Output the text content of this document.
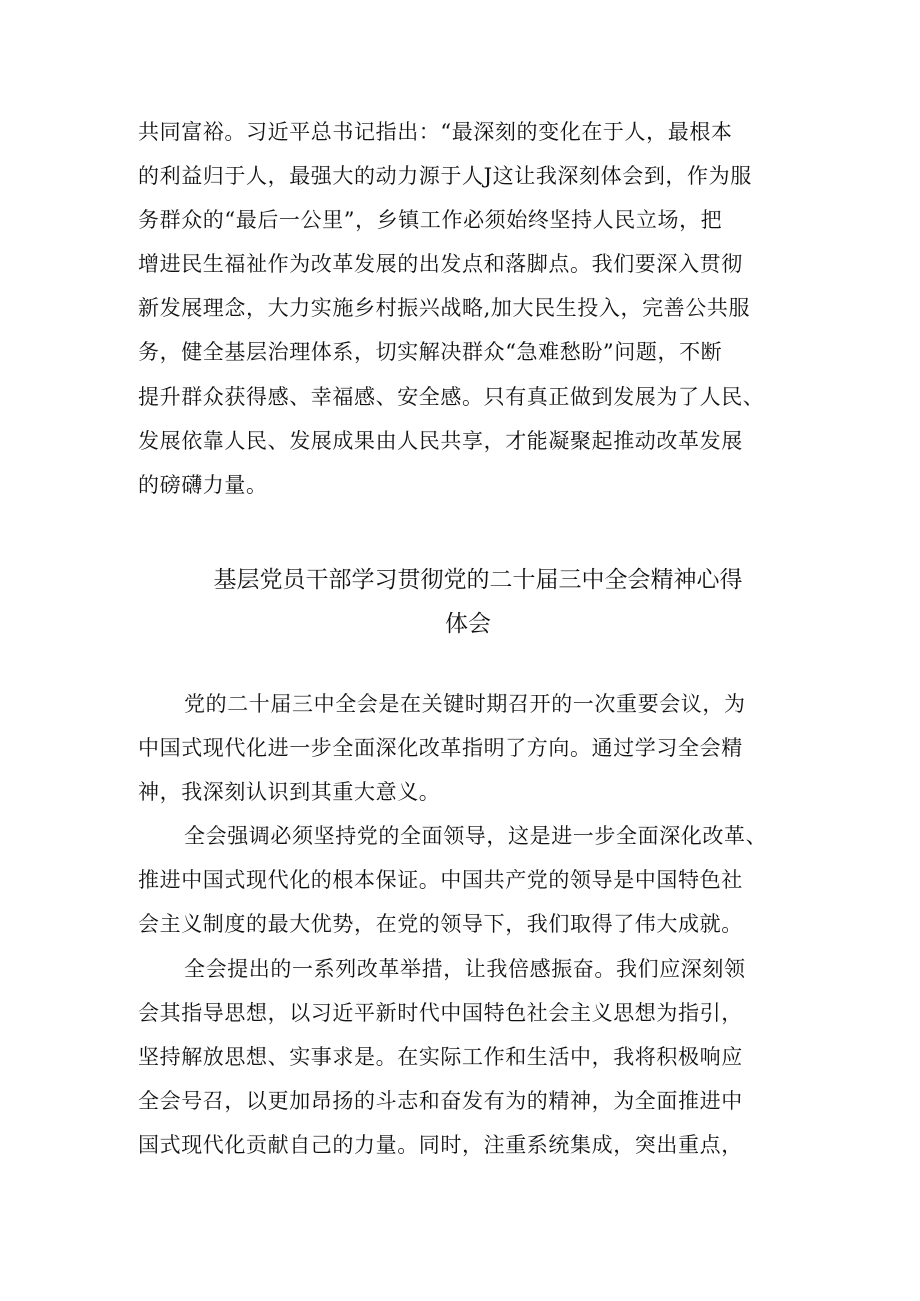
共同富裕。习近平总书记指出：“最深刻的变化在于人，最根本
的利益归于人，最强大的动力源于人J这让我深刻体会到，作为服
务群众的“最后一公里”，乡镇工作必须始终坚持人民立场，把
增进民生福祉作为改革发展的出发点和落脚点。我们要深入贯彻
新发展理念，大力实施乡村振兴战略,加大民生投入，完善公共服
务，健全基层治理体系，切实解决群众“急难愁盼”问题，不断
提升群众获得感、幸福感、安全感。只有真正做到发展为了人民、
发展依靠人民、发展成果由人民共享，才能凝聚起推动改革发展
的磅礴力量。
基层党员干部学习贯彻党的二十届三中全会精神心得
体会
党的二十届三中全会是在关键时期召开的一次重要会议，为
中国式现代化进一步全面深化改革指明了方向。通过学习全会精
神，我深刻认识到其重大意义。
全会强调必须坚持党的全面领导，这是进一步全面深化改革、
推进中国式现代化的根本保证。中国共产党的领导是中国特色社
会主义制度的最大优势，在党的领导下，我们取得了伟大成就。
全会提出的一系列改革举措，让我倍感振奋。我们应深刻领
会其指导思想，以习近平新时代中国特色社会主义思想为指引，
坚持解放思想、实事求是。在实际工作和生活中，我将积极响应
全会号召，以更加昂扬的斗志和奋发有为的精神，为全面推进中
国式现代化贡献自己的力量。同时，注重系统集成，突出重点，
